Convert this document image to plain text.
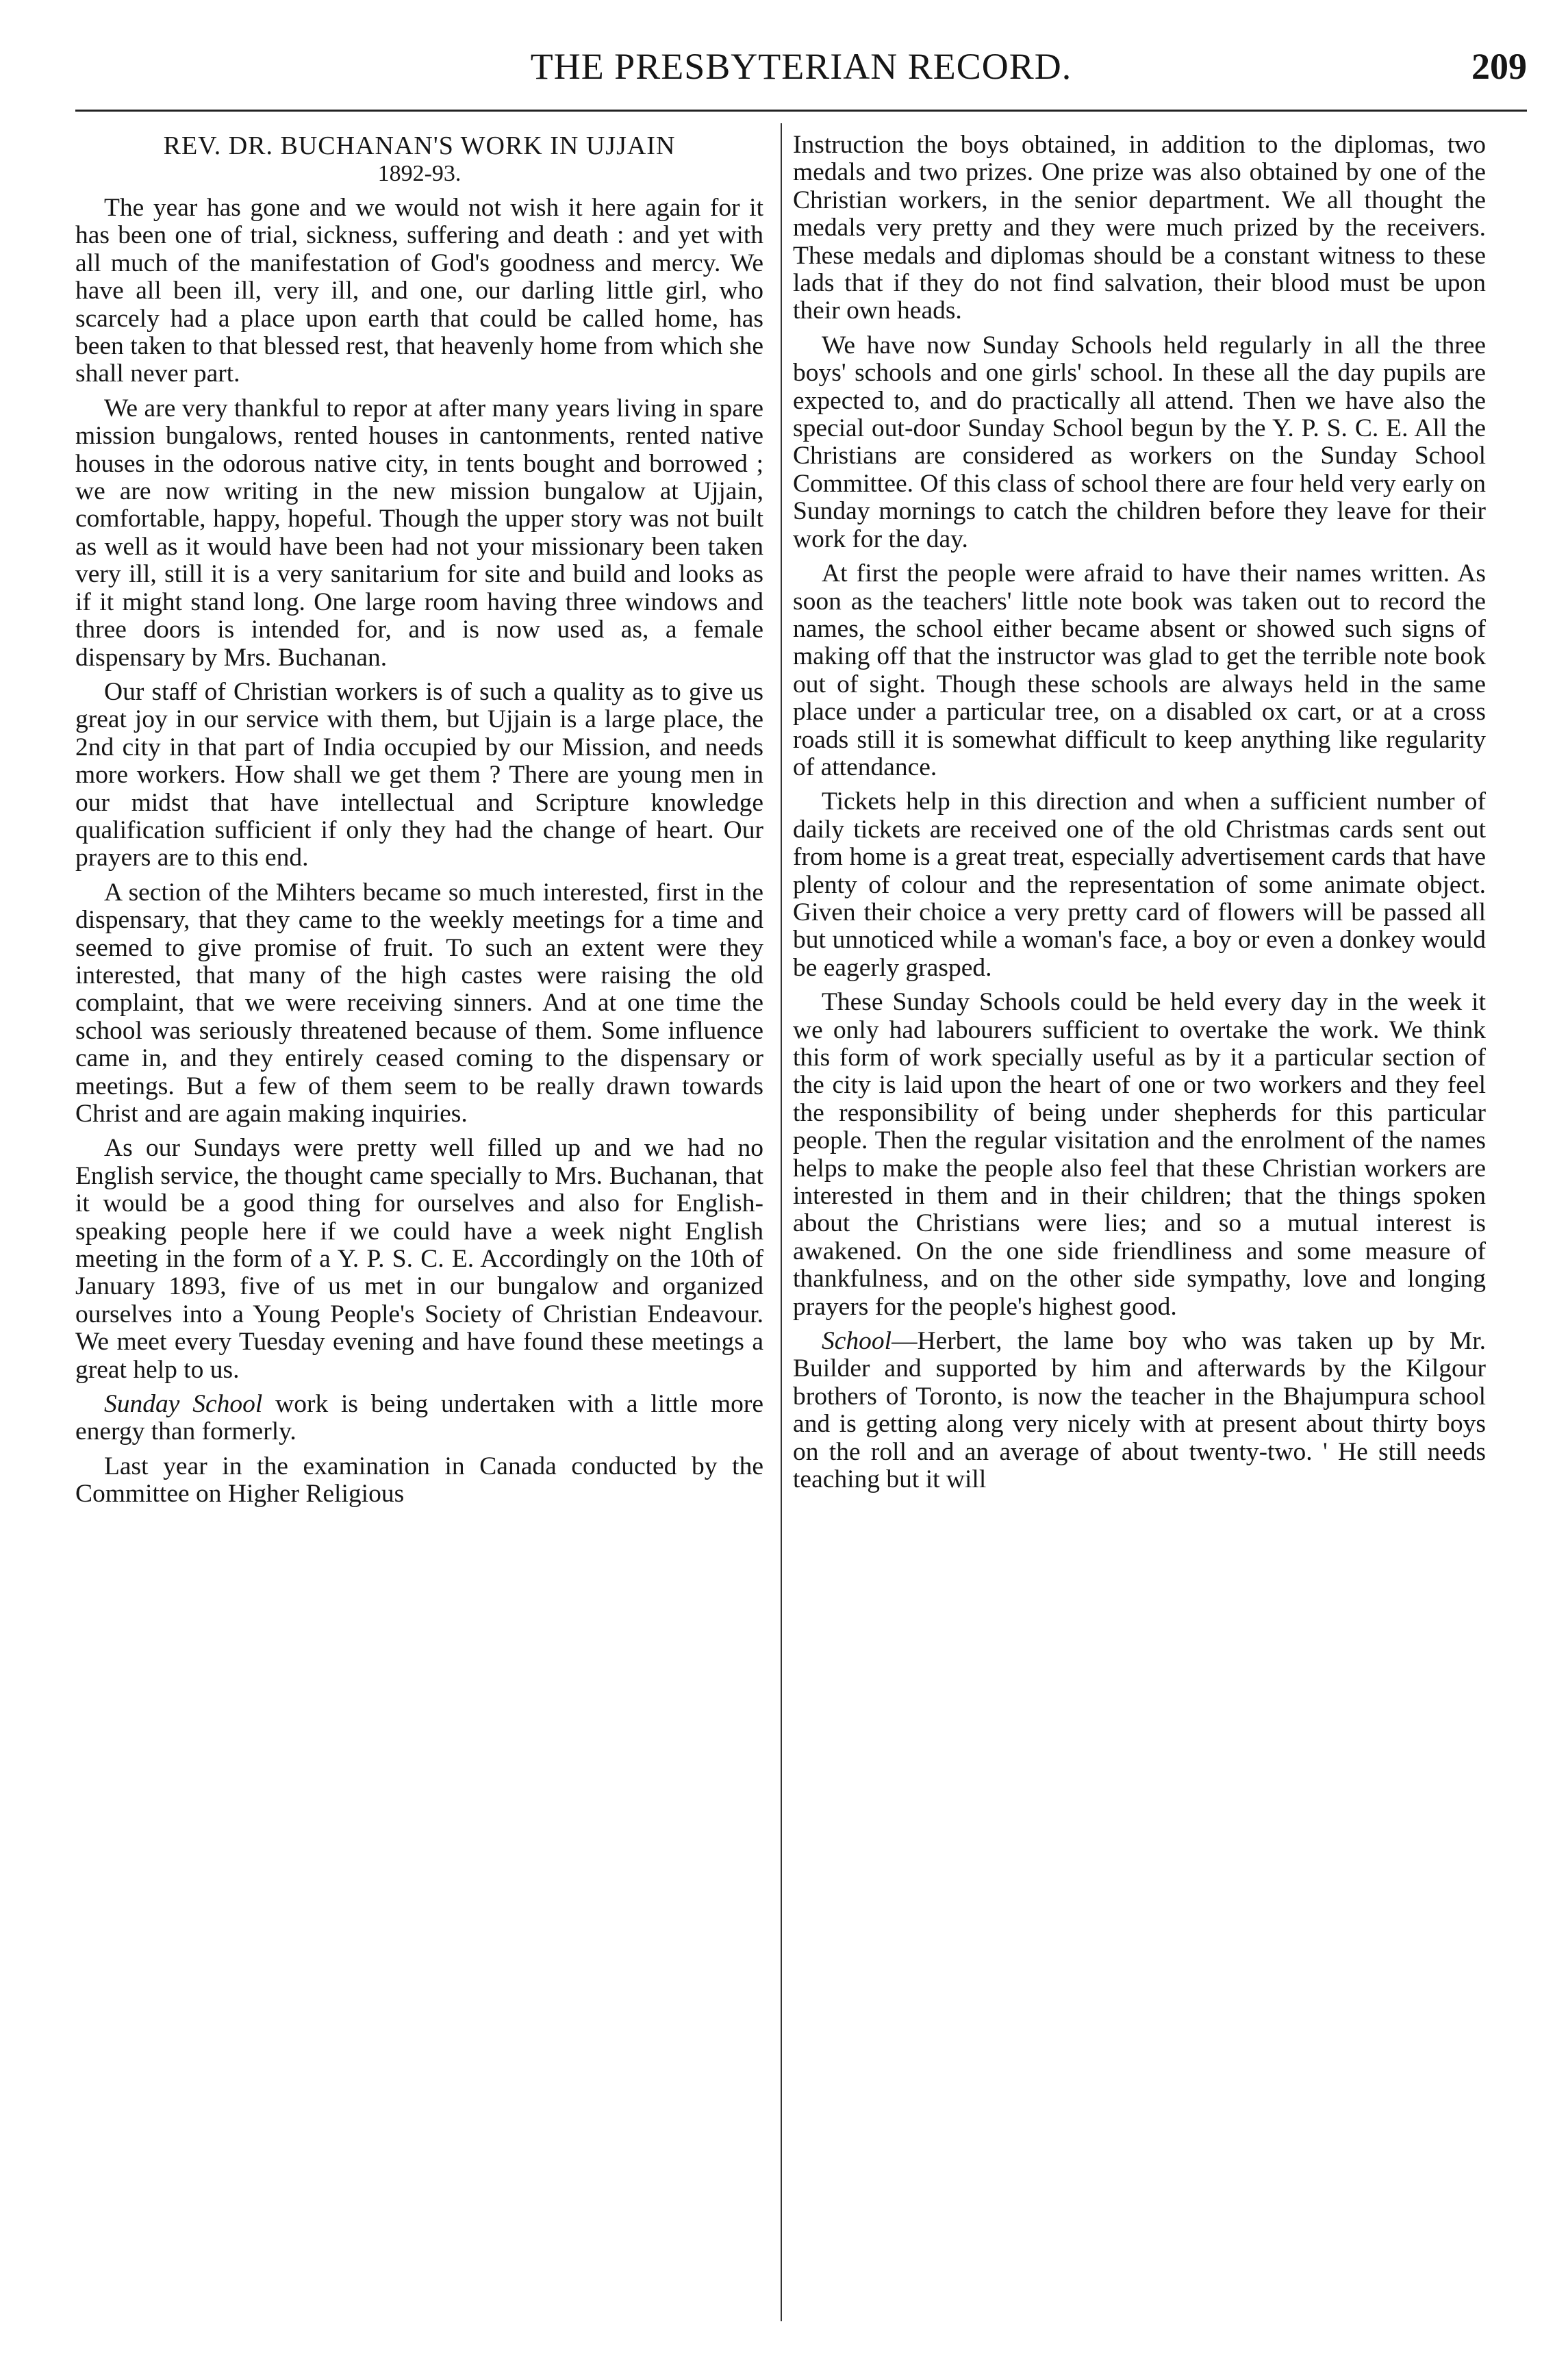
THE PRESBYTERIAN RECORD.	209

REV. DR. BUCHANAN'S WORK IN UJJAIN

1892-93.

The year has gone and we would not wish it here again for it has been one of trial, sickness, suffering and death : and yet with all much of the manifestation of God's goodness and mercy. We have all been ill, very ill, and one, our darling little girl, who scarcely had a place upon earth that could be called home, has been taken to that blessed rest, that heavenly home from which she shall never part.

We are very thankful to repor at after many years living in spare mission bungalows, rented houses in cantonments, rented native houses in the odorous native city, in tents bought and borrowed ; we are now writing in the new mission bungalow at Ujjain, comfortable, happy, hopeful. Though the upper story was not built as well as it would have been had not your missionary been taken very ill, still it is a very sanitarium for site and build and looks as if it might stand long. One large room having three windows and three doors is intended for, and is now used as, a female dispensary by Mrs. Buchanan.

Our staff of Christian workers is of such a quality as to give us great joy in our service with them, but Ujjain is a large place, the 2nd city in that part of India occupied by our Mission, and needs more workers. How shall we get them ? There are young men in our midst that have intellectual and Scripture knowledge qualification sufficient if only they had the change of heart. Our prayers are to this end.

A section of the Mihters became so much interested, first in the dispensary, that they came to the weekly meetings for a time and seemed to give promise of fruit. To such an extent were they interested, that many of the high castes were raising the old complaint, that we were receiving sinners. And at one time the school was seriously threatened because of them. Some influence came in, and they entirely ceased coming to the dispensary or meetings. But a few of them seem to be really drawn towards Christ and are again making inquiries.

As our Sundays were pretty well filled up and we had no English service, the thought came specially to Mrs. Buchanan, that it would be a good thing for ourselves and also for English-speaking people here if we could have a week night English meeting in the form of a Y. P. S. C. E. Accordingly on the 10th of January 1893, five of us met in our bungalow and organized ourselves into a Young People's Society of Christian Endeavour. We meet every Tuesday evening and have found these meetings a great help to us.

Sunday School work is being undertaken with a little more energy than formerly.

Last year in the examination in Canada conducted by the Committee on Higher Religious

Instruction the boys obtained, in addition to the diplomas, two medals and two prizes. One prize was also obtained by one of the Christian workers, in the senior department. We all thought the medals very pretty and they were much prized by the receivers. These medals and diplomas should be a constant witness to these lads that if they do not find salvation, their blood must be upon their own heads.

We have now Sunday Schools held regularly in all the three boys' schools and one girls' school. In these all the day pupils are expected to, and do practically all attend. Then we have also the special out-door Sunday School begun by the Y. P. S. C. E. All the Christians are considered as workers on the Sunday School Committee. Of this class of school there are four held very early on Sunday mornings to catch the children before they leave for their work for the day.

At first the people were afraid to have their names written. As soon as the teachers' little note book was taken out to record the names, the school either became absent or showed such signs of making off that the instructor was glad to get the terrible note book out of sight. Though these schools are always held in the same place under a particular tree, on a disabled ox cart, or at a cross roads still it is somewhat difficult to keep anything like regularity of attendance.

Tickets help in this direction and when a sufficient number of daily tickets are received one of the old Christmas cards sent out from home is a great treat, especially advertisement cards that have plenty of colour and the representation of some animate object. Given their choice a very pretty card of flowers will be passed all but unnoticed while a woman's face, a boy or even a donkey would be eagerly grasped.

These Sunday Schools could be held every day in the week it we only had labourers sufficient to overtake the work. We think this form of work specially useful as by it a particular section of the city is laid upon the heart of one or two workers and they feel the responsibility of being under shepherds for this particular people. Then the regular visitation and the enrolment of the names helps to make the people also feel that these Christian workers are interested in them and in their children; that the things spoken about the Christians were lies; and so a mutual interest is awakened. On the one side friendliness and some measure of thankfulness, and on the other side sympathy, love and longing prayers for the people's highest good.

School—Herbert, the lame boy who was taken up by Mr. Builder and supported by him and afterwards by the Kilgour brothers of Toronto, is now the teacher in the Bhajumpura school and is getting along very nicely with at present about thirty boys on the roll and an average of about twenty-two. ' He still needs teaching but it will
